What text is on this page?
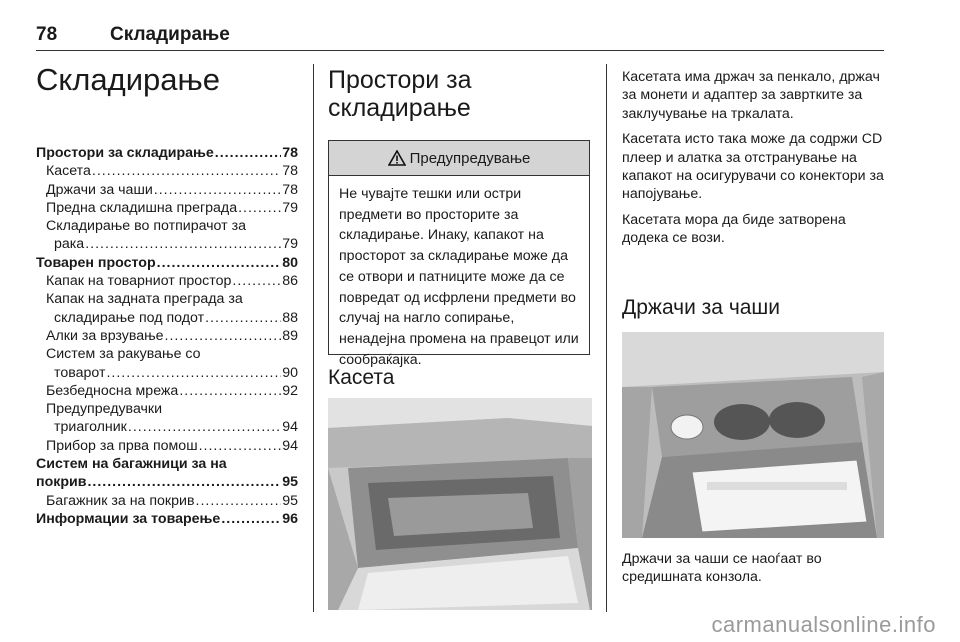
78	Складирање
Складирање
Простори за складирање .....	78
Касета .....	78
Држачи за чаши .....	78
Предна складишна преграда .....	79
Складирање во потпирачот за
рака .....	79
Товарен простор .....	80
Капак на товарниот простор .....	86
Капак на задната преграда за
складирање под подот .....	88
Алки за врзување .....	89
Систем за ракување со
товарот .....	90
Безбедносна мрежа .....	92
Предупредувачки
триаголник .....	94
Прибор за прва помош .....	94
Систем на багажници за на
покрив .....	95
Багажник за на покрив .....	95
Информации за товарење .....	96
Простори за
складирање
Предупредување
Не чувајте тешки или остри предмети во просторите за складирање. Инаку, капакот на просторот за складирање може да се отвори и патниците може да се повредат од исфрлени предмети во случај на нагло сопирање, ненадејна промена на правецот или сообраќајка.
Касета

Касетата има држач за пенкало, држач за монети и адаптер за завртките за заклучување на тркалата.

Касетата исто така може да содржи CD плеер и алатка за отстранување на капакот на осигурувачи со конектори за напојување.

Касетата мора да биде затворена додека се вози.

Држачи за чаши
Држачи за чаши се наоѓаат во средишната конзола.
carmanualsonline.info
